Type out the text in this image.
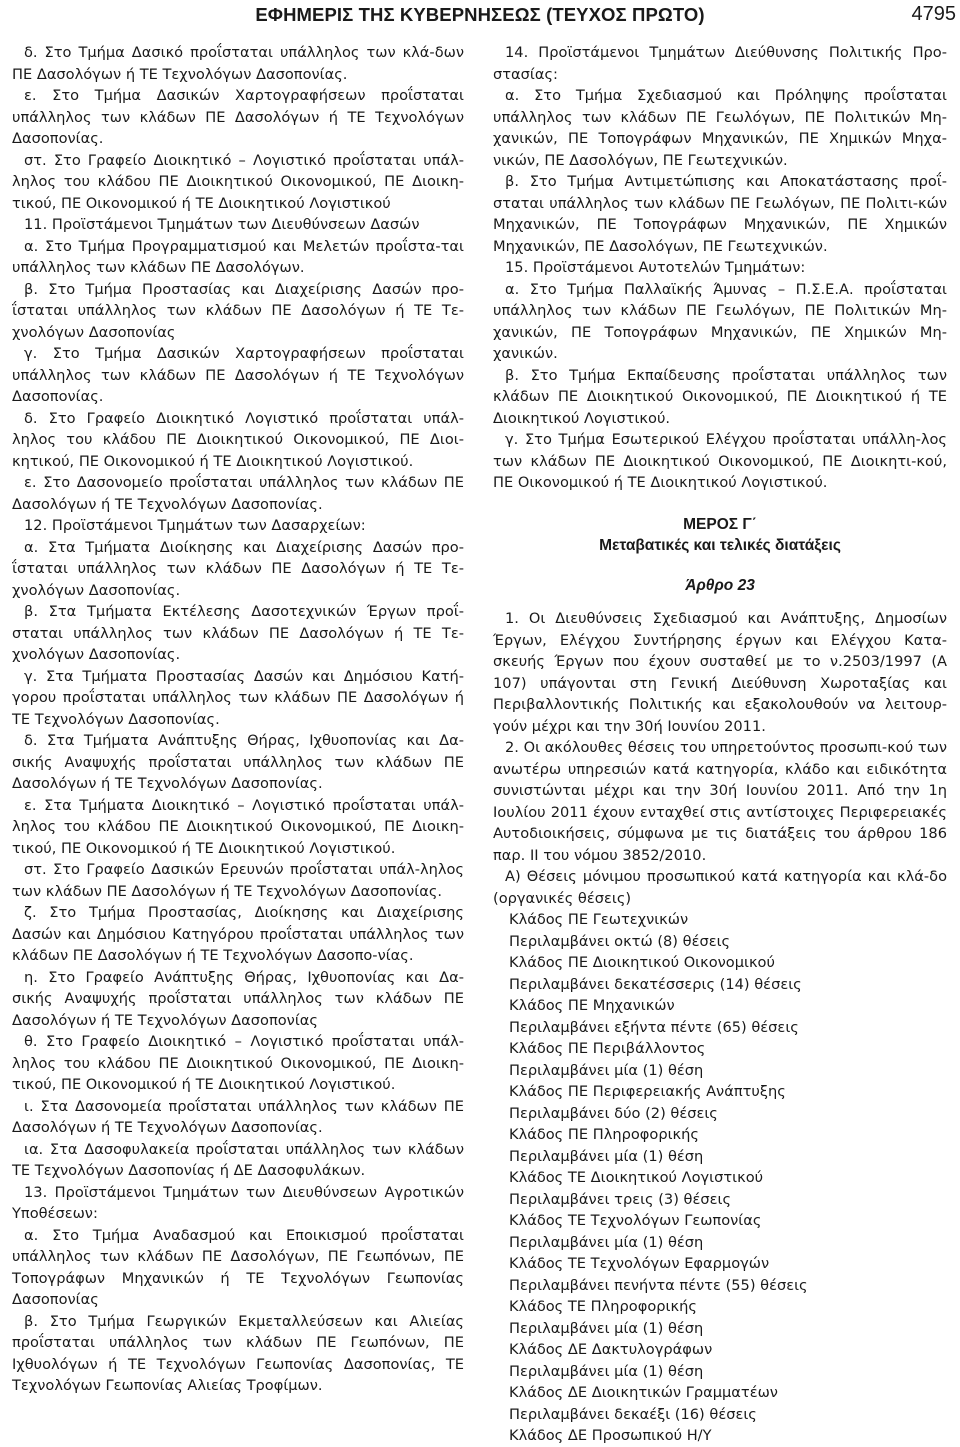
ΕΦΗΜΕΡΙΣ ΤΗΣ ΚΥΒΕΡΝΗΣΕΩΣ (ΤΕΥΧΟΣ ΠΡΩΤΟ)	4795

δ. Στο Τμήμα Δασικό προΐσταται υπάλληλος των κλά-δων ΠΕ Δασολόγων ή ΤΕ Τεχνολόγων Δασοπονίας.

ε. Στο Τμήμα Δασικών Χαρτογραφήσεων προΐσταται υπάλληλος των κλάδων ΠΕ Δασολόγων ή ΤΕ Τεχνολόγων Δασοπονίας.

στ. Στο Γραφείο Διοικητικό – Λογιστικό προΐσταται υπάλ-ληλος του κλάδου ΠΕ Διοικητικού Οικονομικού, ΠΕ Διοικη-τικού, ΠΕ Οικονομικού ή ΤΕ Διοικητικού Λογιστικού

11. Προϊστάμενοι Τμημάτων των Διευθύνσεων Δασών

α. Στο Τμήμα Προγραμματισμού και Μελετών προΐστα-ται υπάλληλος των κλάδων ΠΕ Δασολόγων.

β. Στο Τμήμα Προστασίας και Διαχείρισης Δασών προ-ΐσταται υπάλληλος των κλάδων ΠΕ Δασολόγων ή ΤΕ Τε-χνολόγων Δασοπονίας

γ. Στο Τμήμα Δασικών Χαρτογραφήσεων προΐσταται υπάλληλος των κλάδων ΠΕ Δασολόγων ή ΤΕ Τεχνολόγων Δασοπονίας.

δ. Στο Γραφείο Διοικητικό Λογιστικό προΐσταται υπάλ-ληλος του κλάδου ΠΕ Διοικητικού Οικονομικού, ΠΕ Διοι-κητικού, ΠΕ Οικονομικού ή ΤΕ Διοικητικού Λογιστικού.

ε. Στο Δασονομείο προΐσταται υπάλληλος των κλάδων ΠΕ Δασολόγων ή ΤΕ Τεχνολόγων Δασοπονίας.

12. Προϊστάμενοι Τμημάτων των Δασαρχείων:

α. Στα Τμήματα Διοίκησης και Διαχείρισης Δασών προ-ΐσταται υπάλληλος των κλάδων ΠΕ Δασολόγων ή ΤΕ Τε-χνολόγων Δασοπονίας.

β. Στα Τμήματα Εκτέλεσης Δασοτεχνικών Έργων προΐ-σταται υπάλληλος των κλάδων ΠΕ Δασολόγων ή ΤΕ Τε-χνολόγων Δασοπονίας.

γ. Στα Τμήματα Προστασίας Δασών και Δημόσιου Κατή-γορου προΐσταται υπάλληλος των κλάδων ΠΕ Δασολόγων ή ΤΕ Τεχνολόγων Δασοπονίας.

δ. Στα Τμήματα Ανάπτυξης Θήρας, Ιχθυοπονίας και Δα-σικής Αναψυχής προΐσταται υπάλληλος των κλάδων ΠΕ Δασολόγων ή ΤΕ Τεχνολόγων Δασοπονίας.

ε. Στα Τμήματα Διοικητικό – Λογιστικό προΐσταται υπάλ-ληλος του κλάδου ΠΕ Διοικητικού Οικονομικού, ΠΕ Διοικη-τικού, ΠΕ Οικονομικού ή ΤΕ Διοικητικού Λογιστικού.

στ. Στο Γραφείο Δασικών Ερευνών προΐσταται υπάλ-ληλος των κλάδων ΠΕ Δασολόγων ή ΤΕ Τεχνολόγων Δασοπονίας.

ζ. Στο Τμήμα Προστασίας, Διοίκησης και Διαχείρισης Δασών και Δημόσιου Κατηγόρου προΐσταται υπάλληλος των κλάδων ΠΕ Δασολόγων ή ΤΕ Τεχνολόγων Δασοπο-νίας.

η. Στο Γραφείο Ανάπτυξης Θήρας, Ιχθυοπονίας και Δα-σικής Αναψυχής προΐσταται υπάλληλος των κλάδων ΠΕ Δασολόγων ή ΤΕ Τεχνολόγων Δασοπονίας

θ. Στο Γραφείο Διοικητικό – Λογιστικό προΐσταται υπάλ-ληλος του κλάδου ΠΕ Διοικητικού Οικονομικού, ΠΕ Διοικη-τικού, ΠΕ Οικονομικού ή ΤΕ Διοικητικού Λογιστικού.

ι. Στα Δασονομεία προΐσταται υπάλληλος των κλάδων ΠΕ Δασολόγων ή ΤΕ Τεχνολόγων Δασοπονίας.

ια. Στα Δασοφυλακεία προΐσταται υπάλληλος των κλάδων ΤΕ Τεχνολόγων Δασοπονίας ή ΔΕ Δασοφυλάκων.

13. Προϊστάμενοι Τμημάτων των Διευθύνσεων Αγροτικών Υποθέσεων:

α. Στο Τμήμα Αναδασμού και Εποικισμού προΐσταται υπάλληλος των κλάδων ΠΕ Δασολόγων, ΠΕ Γεωπόνων, ΠΕ Τοπογράφων Μηχανικών ή ΤΕ Τεχνολόγων Γεωπονίας Δασοπονίας

β. Στο Τμήμα Γεωργικών Εκμεταλλεύσεων και Αλιείας προΐσταται υπάλληλος των κλάδων ΠΕ Γεωπόνων, ΠΕ Ιχθυολόγων ή ΤΕ Τεχνολόγων Γεωπονίας Δασοπονίας, ΤΕ Τεχνολόγων Γεωπονίας Αλιείας Τροφίμων.

14. Προϊστάμενοι Τμημάτων Διεύθυνσης Πολιτικής Προ-στασίας:

α. Στο Τμήμα Σχεδιασμού και Πρόληψης προΐσταται υπάλληλος των κλάδων ΠΕ Γεωλόγων, ΠΕ Πολιτικών Μη-χανικών, ΠΕ Τοπογράφων Μηχανικών, ΠΕ Χημικών Μηχα-νικών, ΠΕ Δασολόγων, ΠΕ Γεωτεχνικών.

β. Στο Τμήμα Αντιμετώπισης και Αποκατάστασης προΐ-σταται υπάλληλος των κλάδων ΠΕ Γεωλόγων, ΠΕ Πολιτι-κών Μηχανικών, ΠΕ Τοπογράφων Μηχανικών, ΠΕ Χημικών Μηχανικών, ΠΕ Δασολόγων, ΠΕ Γεωτεχνικών.

15. Προϊστάμενοι Αυτοτελών Τμημάτων:

α. Στο Τμήμα Παλλαϊκής Άμυνας – Π.Σ.Ε.Α. προΐσταται υπάλληλος των κλάδων ΠΕ Γεωλόγων, ΠΕ Πολιτικών Μη-χανικών, ΠΕ Τοπογράφων Μηχανικών, ΠΕ Χημικών Μη-χανικών.

β. Στο Τμήμα Εκπαίδευσης προΐσταται υπάλληλος των κλάδων ΠΕ Διοικητικού Οικονομικού, ΠΕ Διοικητικού ή ΤΕ Διοικητικού Λογιστικού.

γ. Στο Τμήμα Εσωτερικού Ελέγχου προΐσταται υπάλλη-λος των κλάδων ΠΕ Διοικητικού Οικονομικού, ΠΕ Διοικητι-κού, ΠΕ Οικονομικού ή ΤΕ Διοικητικού Λογιστικού.

ΜΕΡΟΣ Γ΄

Μεταβατικές και τελικές διατάξεις

Άρθρο 23

1. Οι Διευθύνσεις Σχεδιασμού και Ανάπτυξης, Δημοσίων Έργων, Ελέγχου Συντήρησης έργων και Ελέγχου Κατα-σκευής Έργων που έχουν συσταθεί με το ν.2503/1997 (Α 107) υπάγονται στη Γενική Διεύθυνση Χωροταξίας και Περιβαλλοντικής Πολιτικής και εξακολουθούν να λειτουρ-γούν μέχρι και την 30ή Ιουνίου 2011.

2. Οι ακόλουθες θέσεις του υπηρετούντος προσωπι-κού των ανωτέρω υπηρεσιών κατά κατηγορία, κλάδο και ειδικότητα συνιστώνται μέχρι και την 30ή Ιουνίου 2011. Από την 1η Ιουλίου 2011 έχουν ενταχθεί στις αντίστοιχες Περιφερειακές Αυτοδιοικήσεις, σύμφωνα με τις διατάξεις του άρθρου 186 παρ. ΙΙ του νόμου 3852/2010.

Α) Θέσεις μόνιμου προσωπικού κατά κατηγορία και κλά-δο (οργανικές θέσεις)

Κλάδος ΠΕ Γεωτεχνικών

Περιλαμβάνει οκτώ (8) θέσεις

Κλάδος ΠΕ Διοικητικού Οικονομικού

Περιλαμβάνει δεκατέσσερις (14) θέσεις

Κλάδος ΠΕ Μηχανικών

Περιλαμβάνει εξήντα πέντε (65) θέσεις

Κλάδος ΠΕ Περιβάλλοντος

Περιλαμβάνει μία (1) θέση

Κλάδος ΠΕ Περιφερειακής Ανάπτυξης

Περιλαμβάνει δύο (2) θέσεις

Κλάδος ΠΕ Πληροφορικής

Περιλαμβάνει μία (1) θέση

Κλάδος ΤΕ Διοικητικού Λογιστικού

Περιλαμβάνει τρεις (3) θέσεις

Κλάδος ΤΕ Τεχνολόγων Γεωπονίας

Περιλαμβάνει μία (1) θέση

Κλάδος ΤΕ Τεχνολόγων Εφαρμογών

Περιλαμβάνει πενήντα πέντε (55) θέσεις

Κλάδος ΤΕ Πληροφορικής

Περιλαμβάνει μία (1) θέση

Κλάδος ΔΕ Δακτυλογράφων

Περιλαμβάνει μία (1) θέση

Κλάδος ΔΕ Διοικητικών Γραμματέων

Περιλαμβάνει δεκαέξι (16) θέσεις

Κλάδος ΔΕ Προσωπικού Η/Υ
